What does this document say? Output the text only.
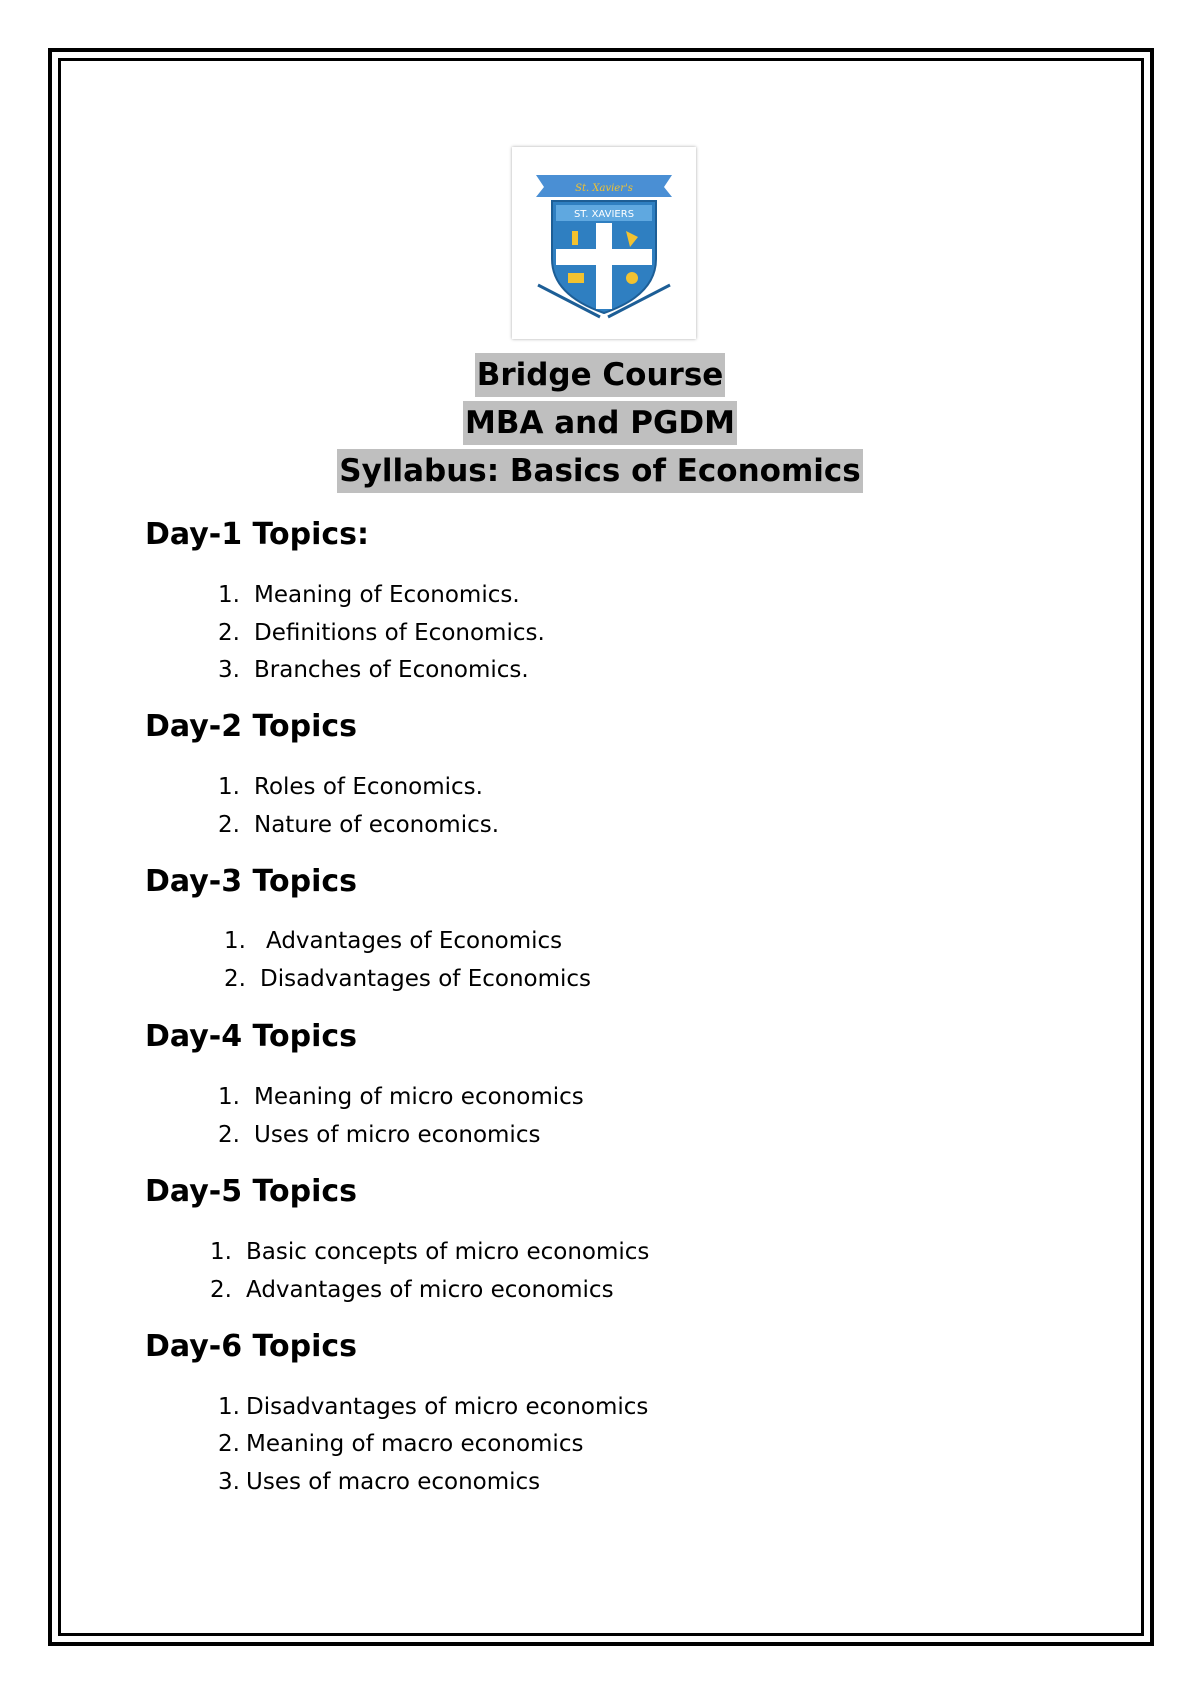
St. Xavier's
ST. XAVIERS
Bridge Course
MBA and PGDM
Syllabus: Basics of Economics
Day-1 Topics:
1. Meaning of Economics.
2. Definitions of Economics.
3. Branches of Economics.
Day-2 Topics
1. Roles of Economics.
2. Nature of economics.
Day-3 Topics
1. Advantages of Economics
2. Disadvantages of Economics
Day-4 Topics
1. Meaning of micro economics
2. Uses of micro economics
Day-5 Topics
1. Basic concepts of micro economics
2. Advantages of micro economics
Day-6 Topics
1. Disadvantages of micro economics
2. Meaning of macro economics
3. Uses of macro economics
